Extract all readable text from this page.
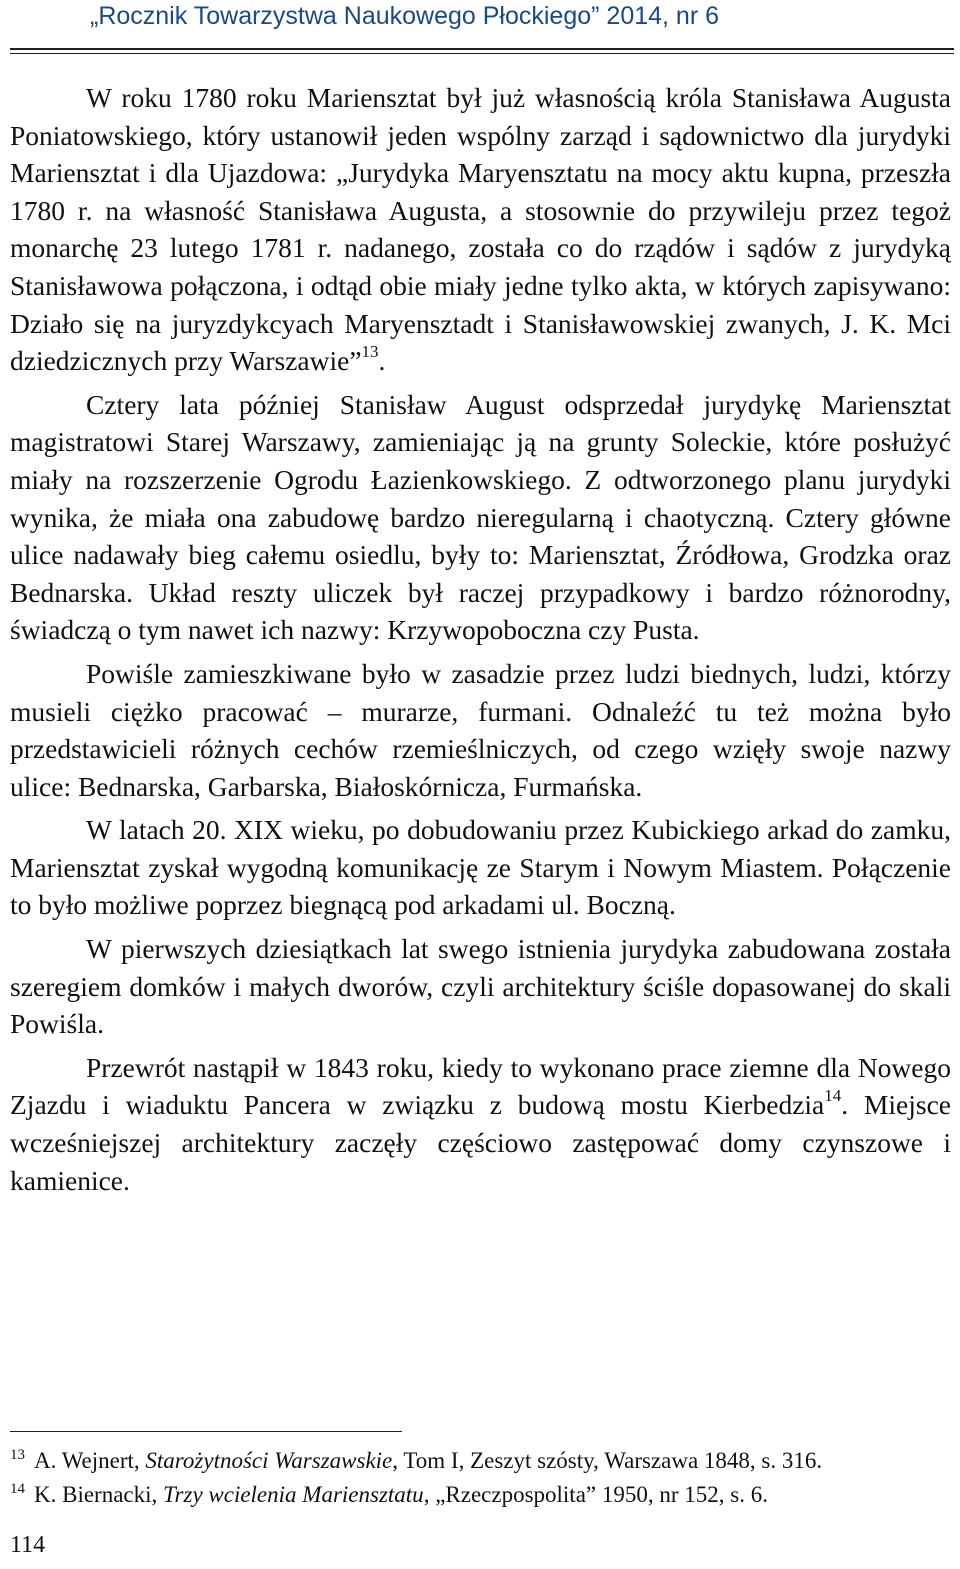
„Rocznik Towarzystwa Naukowego Płockiego” 2014, nr 6

W roku 1780 roku Mariensztat był już własnością króla Stanisława Augusta Poniatowskiego, który ustanowił jeden wspólny zarząd i sądownictwo dla jurydyki Mariensztat i dla Ujazdowa: „Jurydyka Maryensztatu na mocy aktu kupna, przeszła 1780 r. na własność Stanisława Augusta, a stosownie do przywileju przez tegoż monarchę 23 lutego 1781 r. nadanego, została co do rządów i sądów z jurydyką Stanisławowa połączona, i odtąd obie miały jedne tylko akta, w których zapisywano: Działo się na juryzdykcyach Maryensztadt i Stanisławowskiej zwanych, J. K. Mci dziedzicznych przy Warszawie”$^{13}$.

Cztery lata później Stanisław August odsprzedał jurydykę Mariensztat magistratowi Starej Warszawy, zamieniając ją na grunty Soleckie, które posłużyć miały na rozszerzenie Ogrodu Łazienkowskiego. Z odtworzonego planu jurydyki wynika, że miała ona zabudowę bardzo nieregularną i chaotyczną. Cztery główne ulice nadawały bieg całemu osiedlu, były to: Mariensztat, Źródłowa, Grodzka oraz Bednarska. Układ reszty uliczek był raczej przypadkowy i bardzo różnorodny, świadczą o tym nawet ich nazwy: Krzywopoboczna czy Pusta.

Powiśle zamieszkiwane było w zasadzie przez ludzi biednych, ludzi, którzy musieli ciężko pracować – murarze, furmani. Odnaleźć tu też można było przedstawicieli różnych cechów rzemieślniczych, od czego wzięły swoje nazwy ulice: Bednarska, Garbarska, Białoskórnicza, Furmańska.

W latach 20. XIX wieku, po dobudowaniu przez Kubickiego arkad do zamku, Mariensztat zyskał wygodną komunikację ze Starym i Nowym Miastem. Połączenie to było możliwe poprzez biegnącą pod arkadami ul. Boczną.

W pierwszych dziesiątkach lat swego istnienia jurydyka zabudowana została szeregiem domków i małych dworów, czyli architektury ściśle dopasowanej do skali Powiśla.

Przewrót nastąpił w 1843 roku, kiedy to wykonano prace ziemne dla Nowego Zjazdu i wiaduktu Pancera w związku z budową mostu Kierbedzia$^{14}$. Miejsce wcześniejszej architektury zaczęły częściowo zastępować domy czynszowe i kamienice.

13 A. Wejnert, Starożytności Warszawskie, Tom I, Zeszyt szósty, Warszawa 1848, s. 316.

14 K. Biernacki, Trzy wcielenia Mariensztatu, „Rzeczpospolita” 1950, nr 152, s. 6.

114
